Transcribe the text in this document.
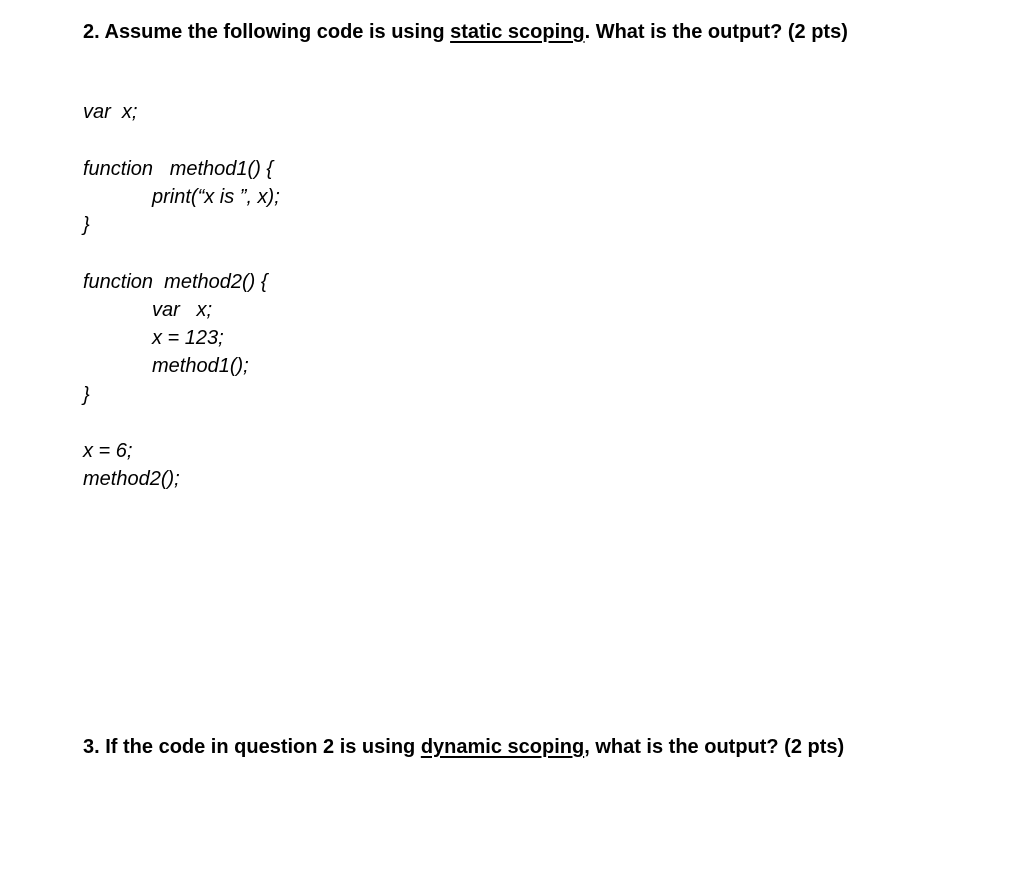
2. Assume the following code is using static scoping. What is the output? (2 pts)
var  x;
function   method1() {
print(“x is ”, x);
}
function  method2() {
var   x;
x = 123;
method1();
}
x = 6;
method2();
3. If the code in question 2 is using dynamic scoping, what is the output? (2 pts)
